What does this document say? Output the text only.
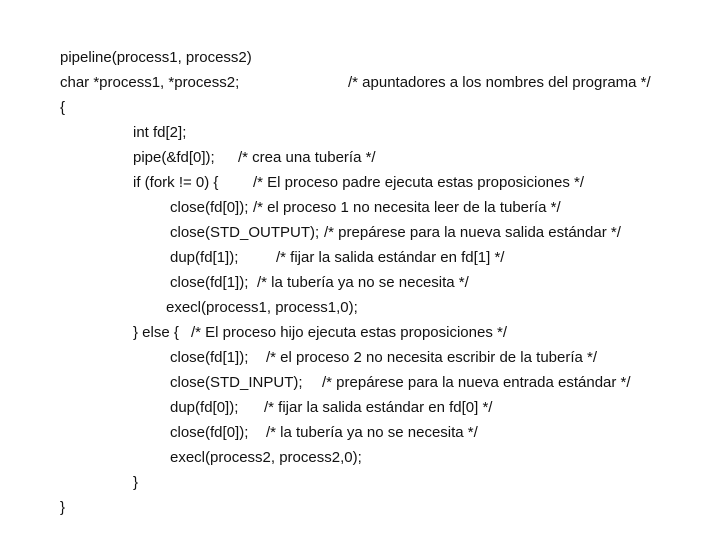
pipeline(process1, process2)
char *process1, *process2;	/* apuntadores a los nombres del programa */
{
int fd[2];
pipe(&fd[0]); /* crea una tubería */
if (fork != 0) { /* El proceso padre ejecuta estas proposiciones */
close(fd[0]); /* el proceso 1 no necesita leer de la tubería */
close(STD_OUTPUT); /* prepárese para la nueva salida estándar */
dup(fd[1]);	/* fijar la salida estándar en fd[1] */
close(fd[1]); /* la tubería ya no se necesita */
execl(process1, process1,0);
} else { /* El proceso hijo ejecuta estas proposiciones */
close(fd[1]); /* el proceso 2 no necesita escribir de la tubería */
close(STD_INPUT); /* prepárese para la nueva entrada estándar */
dup(fd[0]); /* fijar la salida estándar en fd[0] */
close(fd[0]); /* la tubería ya no se necesita */
execl(process2, process2,0);
}
}
